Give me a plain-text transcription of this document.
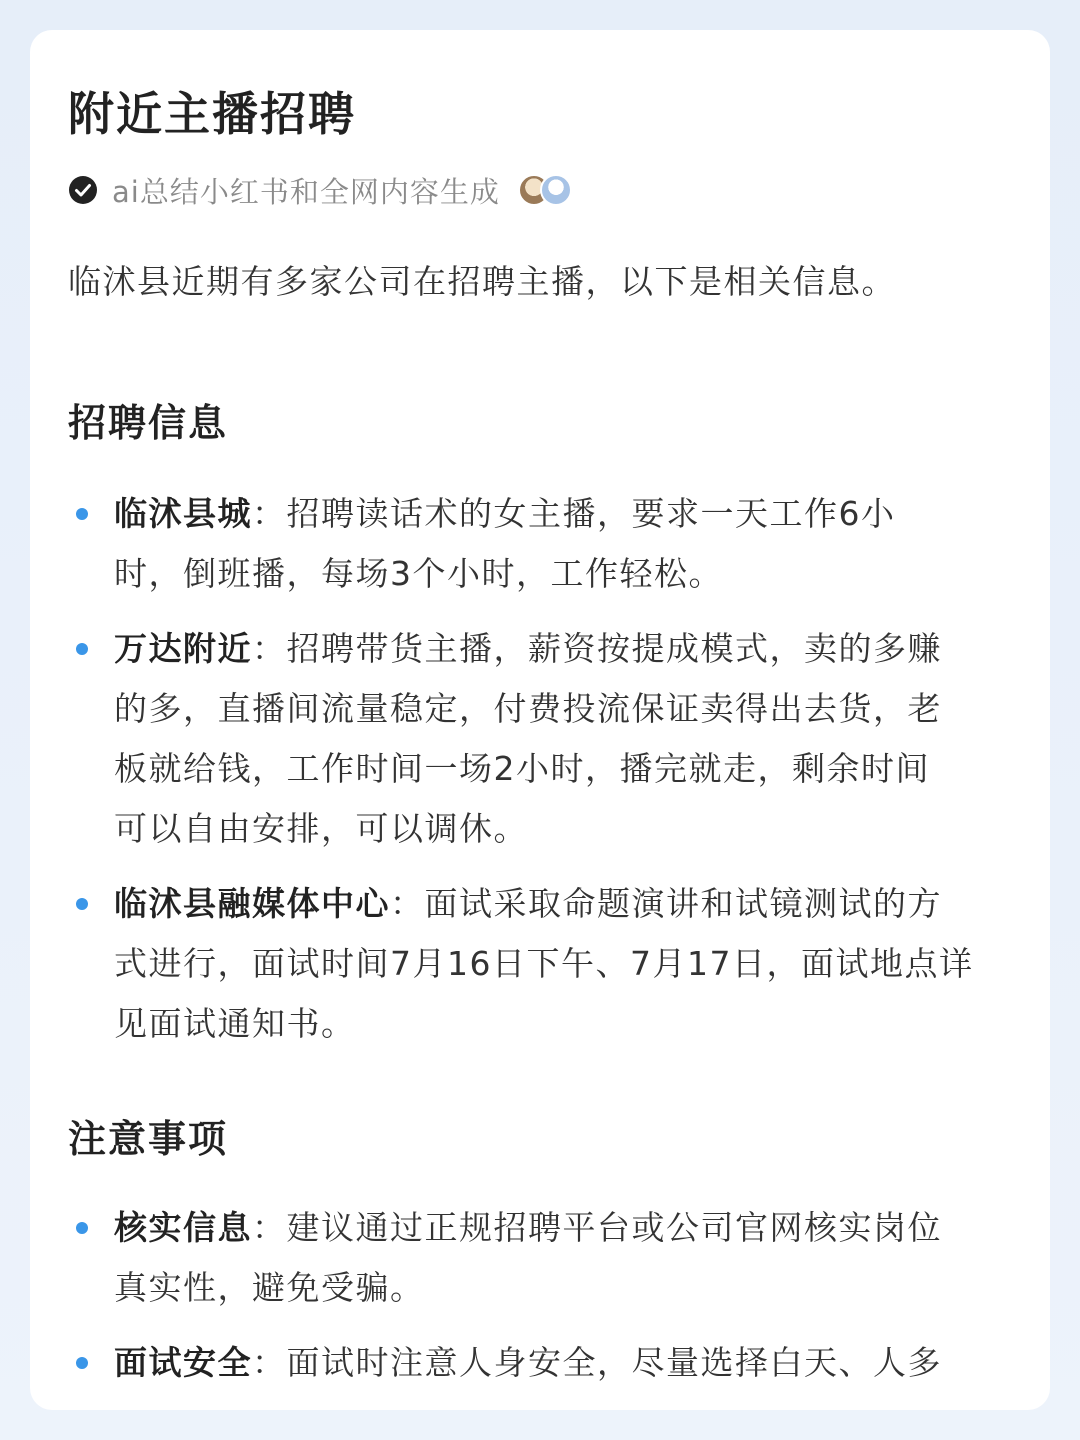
附近主播招聘
ai总结小红书和全网内容生成
临沭县近期有多家公司在招聘主播，以下是相关信息。
招聘信息
临沭县城：招聘读话术的女主播，要求一天工作6小
时，倒班播，每场3个小时，工作轻松。
万达附近：招聘带货主播，薪资按提成模式，卖的多赚
的多，直播间流量稳定，付费投流保证卖得出去货，老
板就给钱，工作时间一场2小时，播完就走，剩余时间
可以自由安排，可以调休。
临沭县融媒体中心：面试采取命题演讲和试镜测试的方
式进行，面试时间7月16日下午、7月17日，面试地点详
见面试通知书。
注意事项
核实信息：建议通过正规招聘平台或公司官网核实岗位
真实性，避免受骗。
面试安全：面试时注意人身安全，尽量选择白天、人多
